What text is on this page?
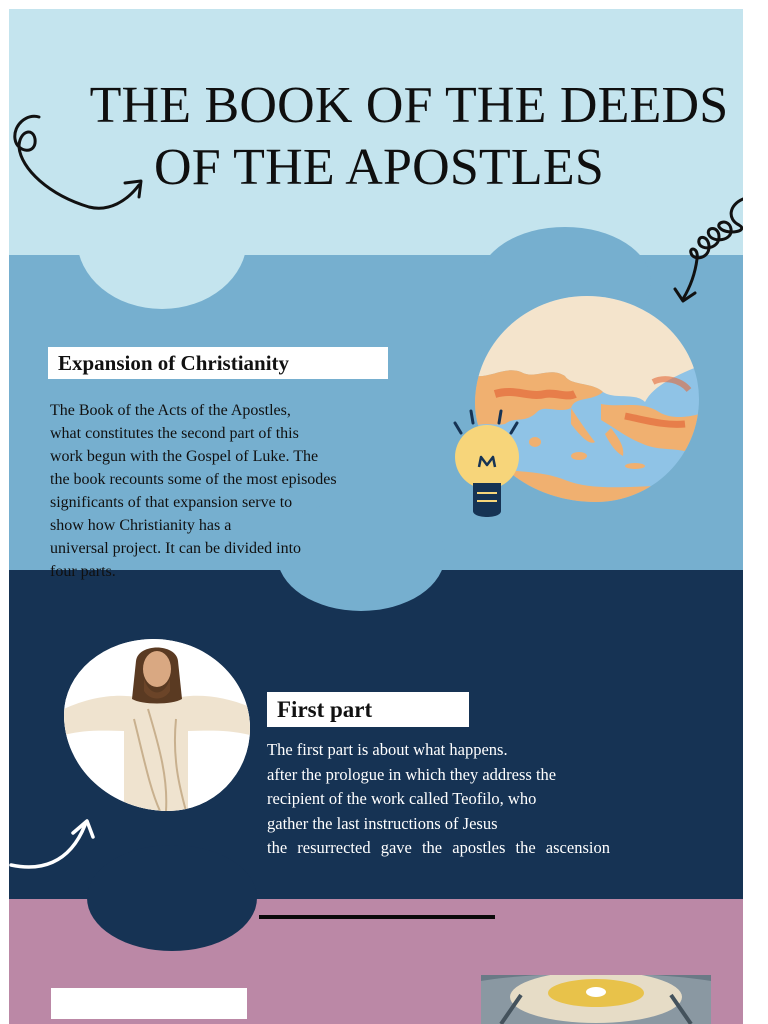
THE BOOK OF THE DEEDS
OF THE APOSTLES
Expansion of Christianity

The Book of the Acts of the Apostles,
what constitutes the second part of this
work begun with the Gospel of Luke. The
the book recounts some of the most episodes
significants of that expansion serve to
show how Christianity has a
universal project. It can be divided into
four parts.

First part

The first part is about what happens.
after the prologue in which they address the
recipient of the work called Teofilo, who
gather the last instructions of Jesus
the resurrected gave the apostles the ascension
